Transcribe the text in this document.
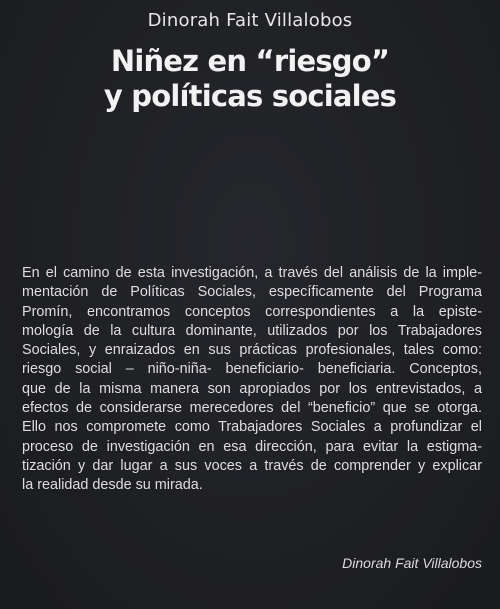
Dinorah Fait Villalobos
Niñez en “riesgo”
y políticas sociales
En el camino de esta investigación, a través del análisis de la imple-
mentación de Políticas Sociales, específicamente del Programa
Promín, encontramos conceptos correspondientes a la episte-
mología de la cultura dominante, utilizados por los Trabajadores
Sociales, y enraizados en sus prácticas profesionales, tales como:
riesgo social – niño-niña- beneficiario- beneficiaria. Conceptos,
que de la misma manera son apropiados por los entrevistados, a
efectos de considerarse merecedores del “beneficio” que se otorga.
Ello nos compromete como Trabajadores Sociales a profundizar el
proceso de investigación en esa dirección, para evitar la estigma-
tización y dar lugar a sus voces a través de comprender y explicar
la realidad desde su mirada.
Dinorah Fait Villalobos
